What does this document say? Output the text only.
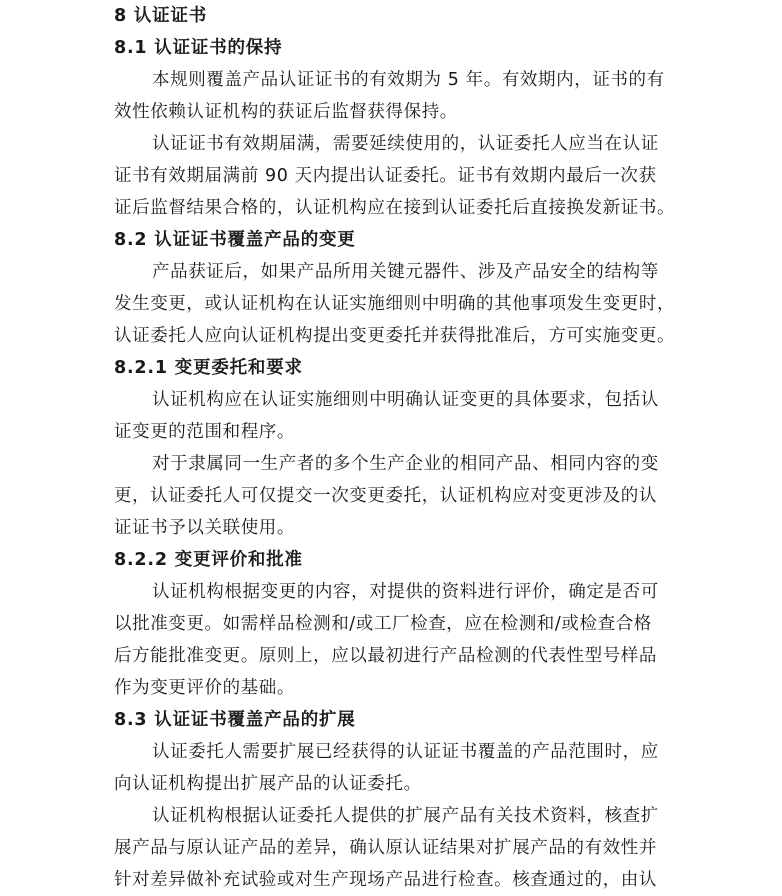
8 认证证书
8.1 认证证书的保持
本规则覆盖产品认证证书的有效期为 5 年。有效期内，证书的有
效性依赖认证机构的获证后监督获得保持。
认证证书有效期届满，需要延续使用的，认证委托人应当在认证
证书有效期届满前 90 天内提出认证委托。证书有效期内最后一次获
证后监督结果合格的，认证机构应在接到认证委托后直接换发新证书。
8.2 认证证书覆盖产品的变更
产品获证后，如果产品所用关键元器件、涉及产品安全的结构等
发生变更，或认证机构在认证实施细则中明确的其他事项发生变更时，
认证委托人应向认证机构提出变更委托并获得批准后，方可实施变更。
8.2.1 变更委托和要求
认证机构应在认证实施细则中明确认证变更的具体要求，包括认
证变更的范围和程序。
对于隶属同一生产者的多个生产企业的相同产品、相同内容的变
更，认证委托人可仅提交一次变更委托，认证机构应对变更涉及的认
证证书予以关联使用。
8.2.2 变更评价和批准
认证机构根据变更的内容，对提供的资料进行评价，确定是否可
以批准变更。如需样品检测和/或工厂检查，应在检测和/或检查合格
后方能批准变更。原则上，应以最初进行产品检测的代表性型号样品
作为变更评价的基础。
8.3 认证证书覆盖产品的扩展
认证委托人需要扩展已经获得的认证证书覆盖的产品范围时，应
向认证机构提出扩展产品的认证委托。
认证机构根据认证委托人提供的扩展产品有关技术资料，核查扩
展产品与原认证产品的差异，确认原认证结果对扩展产品的有效性并
针对差异做补充试验或对生产现场产品进行检查。核查通过的，由认
